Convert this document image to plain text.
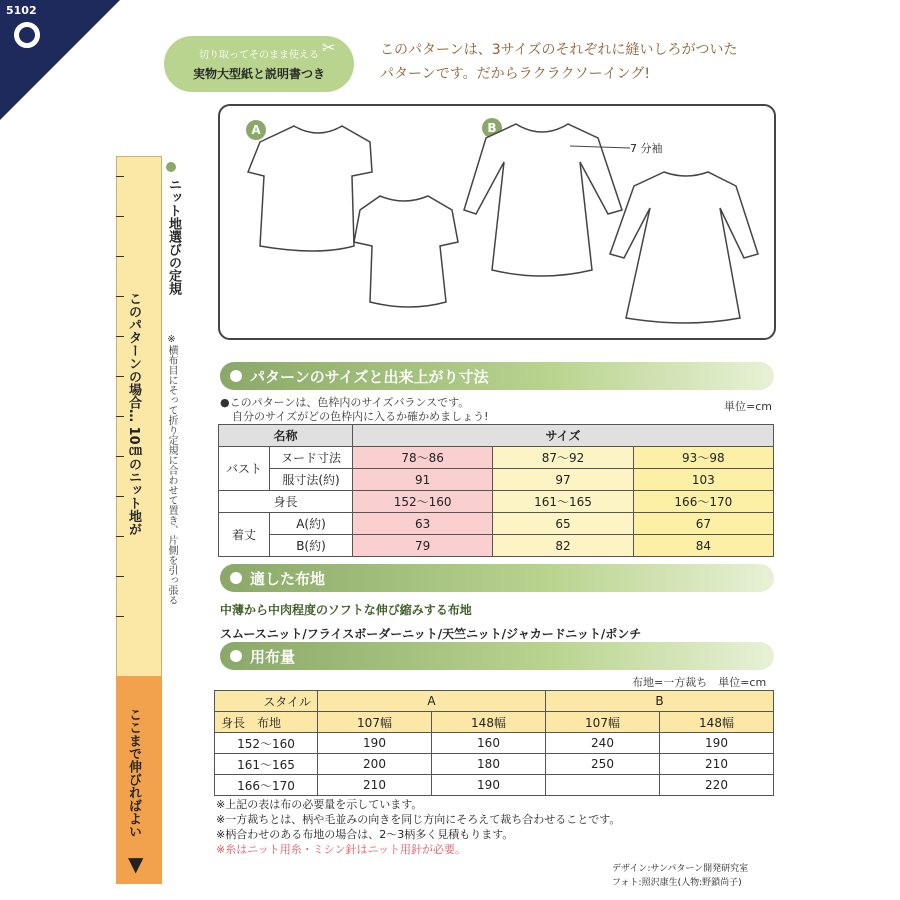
5102
切り取ってそのまま使える
実物大型紙と説明書つき
✂	このパターンは、3サイズのそれぞれに縫いしろがついた
パターンです。だからラクラクソーイング!
A	B
7 分袖
このパターンの場合… 10㎝のニット地が
ここまで伸びればよい
▼
ニット地選びの定規
※横布目にそって折り定規に合わせて置き、片側を引っ張る	パターンのサイズと出来上がり寸法
●このパターンは、色枠内のサイズバランスです。
自分のサイズがどの色枠内に入るか確かめましょう!
単位=cm
名称		サイズ		
バスト	ヌード寸法	78〜86	87〜92	93〜98
	服寸法(約)	91	97	103
身長		152〜160	161〜165	166〜170
着丈	A(約)	63	65	67
	B(約)	79	82	84
適した布地
中薄から中肉程度のソフトな伸び縮みする布地
スムースニット/フライスボーダーニット/天竺ニット/ジャカードニット/ポンチ
用布量
布地=一方裁ち　単位=cm
スタイル	A		B	
身長　 布地	107幅	148幅	107幅	148幅
152〜160	190	160	240	190
161〜165	200	180	250	210
166〜170	210	190		220
※上記の表は布の必要量を示しています。
※一方裁ちとは、柄や毛並みの向きを同じ方向にそろえて裁ち合わせることです。
※柄合わせのある布地の場合は、2〜3柄多く見積もります。
※糸はニット用糸・ミシン針はニット用針が必要。
デザイン:サンパターン開発研究室
フォト:照沢康生(人物:野鎖尚子)
